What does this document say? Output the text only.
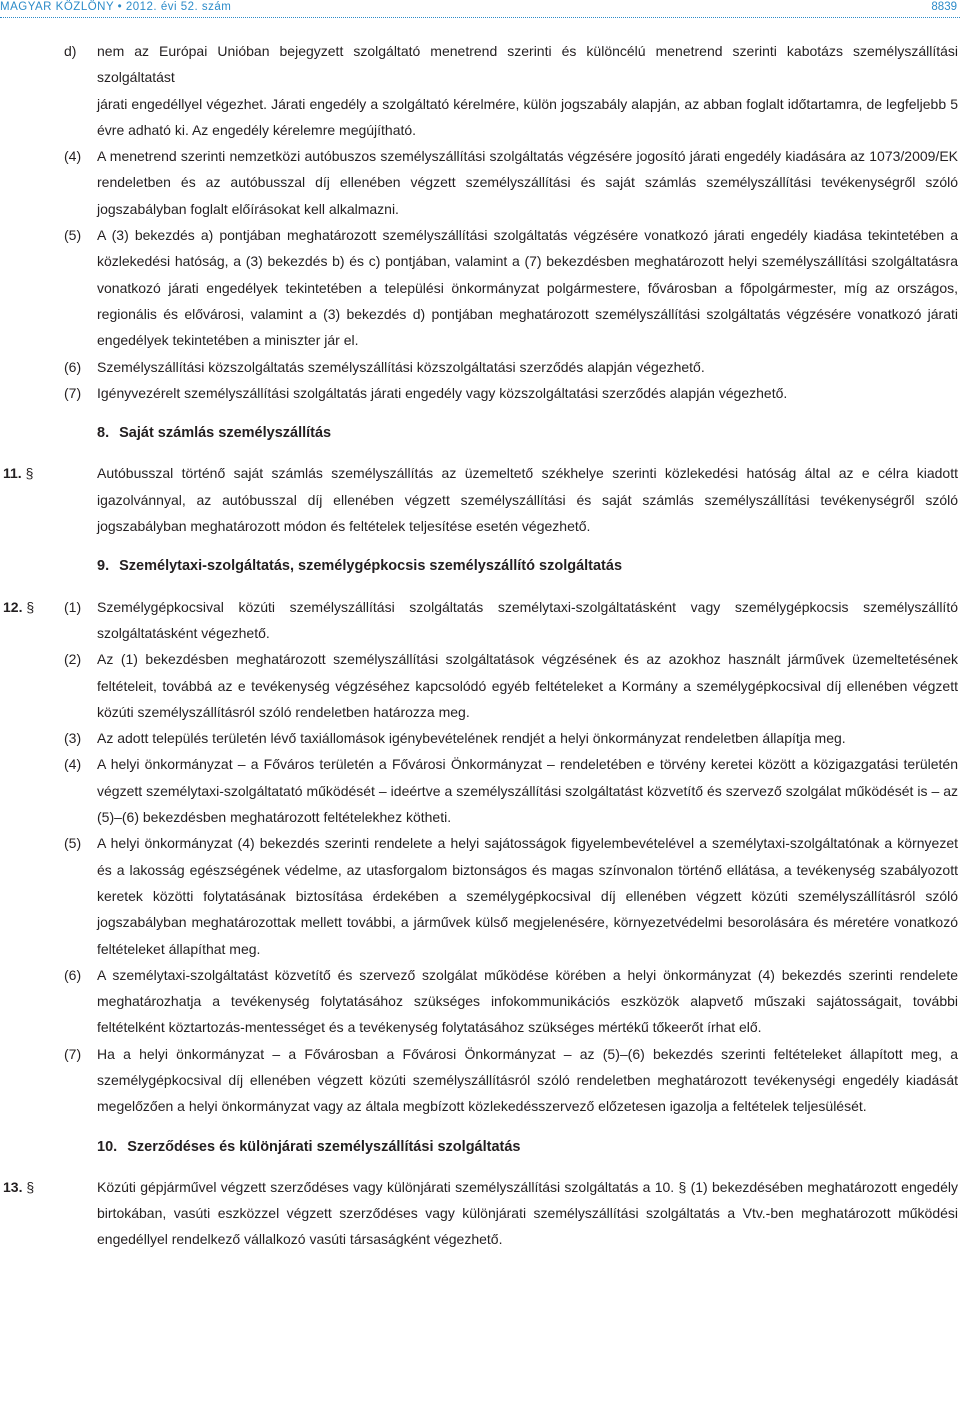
MAGYAR KÖZLÖNY • 2012. évi 52. szám	8839
d) nem az Európai Unióban bejegyzett szolgáltató menetrend szerinti és különcélú menetrend szerinti kabotázs személyszállítási szolgáltatást
járati engedéllyel végezhet. Járati engedély a szolgáltató kérelmére, külön jogszabály alapján, az abban foglalt időtartamra, de legfeljebb 5 évre adható ki. Az engedély kérelemre megújítható.
(4) A menetrend szerinti nemzetközi autóbuszos személyszállítási szolgáltatás végzésére jogosító járati engedély kiadására az 1073/2009/EK rendeletben és az autóbusszal díj ellenében végzett személyszállítási és saját számlás személyszállítási tevékenységről szóló jogszabályban foglalt előírásokat kell alkalmazni.
(5) A (3) bekezdés a) pontjában meghatározott személyszállítási szolgáltatás végzésére vonatkozó járati engedély kiadása tekintetében a közlekedési hatóság, a (3) bekezdés b) és c) pontjában, valamint a (7) bekezdésben meghatározott helyi személyszállítási szolgáltatásra vonatkozó járati engedélyek tekintetében a települési önkormányzat polgármestere, fővárosban a főpolgármester, míg az országos, regionális és elővárosi, valamint a (3) bekezdés d) pontjában meghatározott személyszállítási szolgáltatás végzésére vonatkozó járati engedélyek tekintetében a miniszter jár el.
(6) Személyszállítási közszolgáltatás személyszállítási közszolgáltatási szerződés alapján végezhető.
(7) Igényvezérelt személyszállítási szolgáltatás járati engedély vagy közszolgáltatási szerződés alapján végezhető.
8. Saját számlás személyszállítás
11. §	Autóbusszal történő saját számlás személyszállítás az üzemeltető székhelye szerinti közlekedési hatóság által az e célra kiadott igazolvánnyal, az autóbusszal díj ellenében végzett személyszállítási és saját számlás személyszállítási tevékenységről szóló jogszabályban meghatározott módon és feltételek teljesítése esetén végezhető.
9. Személytaxi-szolgáltatás, személygépkocsis személyszállító szolgáltatás
12. § (1) Személygépkocsival közúti személyszállítási szolgáltatás személytaxi-szolgáltatásként vagy személygépkocsis személyszállító szolgáltatásként végezhető.
(2) Az (1) bekezdésben meghatározott személyszállítási szolgáltatások végzésének és az azokhoz használt járművek üzemeltetésének feltételeit, továbbá az e tevékenység végzéséhez kapcsolódó egyéb feltételeket a Kormány a személygépkocsival díj ellenében végzett közúti személyszállításról szóló rendeletben határozza meg.
(3) Az adott település területén lévő taxiállomások igénybevételének rendjét a helyi önkormányzat rendeletben állapítja meg.
(4) A helyi önkormányzat – a Főváros területén a Fővárosi Önkormányzat – rendeletében e törvény keretei között a közigazgatási területén végzett személytaxi-szolgáltatató működését – ideértve a személyszállítási szolgáltatást közvetítő és szervező szolgálat működését is – az (5)–(6) bekezdésben meghatározott feltételekhez kötheti.
(5) A helyi önkormányzat (4) bekezdés szerinti rendelete a helyi sajátosságok figyelembevételével a személytaxi-szolgáltatónak a környezet és a lakosság egészségének védelme, az utasforgalom biztonságos és magas színvonalon történő ellátása, a tevékenység szabályozott keretek közötti folytatásának biztosítása érdekében a személygépkocsival díj ellenében végzett közúti személyszállításról szóló jogszabályban meghatározottak mellett további, a járművek külső megjelenésére, környezetvédelmi besorolására és méretére vonatkozó feltételeket állapíthat meg.
(6) A személytaxi-szolgáltatást közvetítő és szervező szolgálat működése körében a helyi önkormányzat (4) bekezdés szerinti rendelete meghatározhatja a tevékenység folytatásához szükséges infokommunikációs eszközök alapvető műszaki sajátosságait, további feltételként köztartozás-mentességet és a tevékenység folytatásához szükséges mértékű tőkeerőt írhat elő.
(7) Ha a helyi önkormányzat – a Fővárosban a Fővárosi Önkormányzat – az (5)–(6) bekezdés szerinti feltételeket állapított meg, a személygépkocsival díj ellenében végzett közúti személyszállításról szóló rendeletben meghatározott tevékenységi engedély kiadását megelőzően a helyi önkormányzat vagy az általa megbízott közlekedésszervező előzetesen igazolja a feltételek teljesülését.
10. Szerződéses és különjárati személyszállítási szolgáltatás
13. §	Közúti gépjárművel végzett szerződéses vagy különjárati személyszállítási szolgáltatás a 10. § (1) bekezdésében meghatározott engedély birtokában, vasúti eszközzel végzett szerződéses vagy különjárati személyszállítási szolgáltatás a Vtv.-ben meghatározott működési engedéllyel rendelkező vállalkozó vasúti társaságként végezhető.
